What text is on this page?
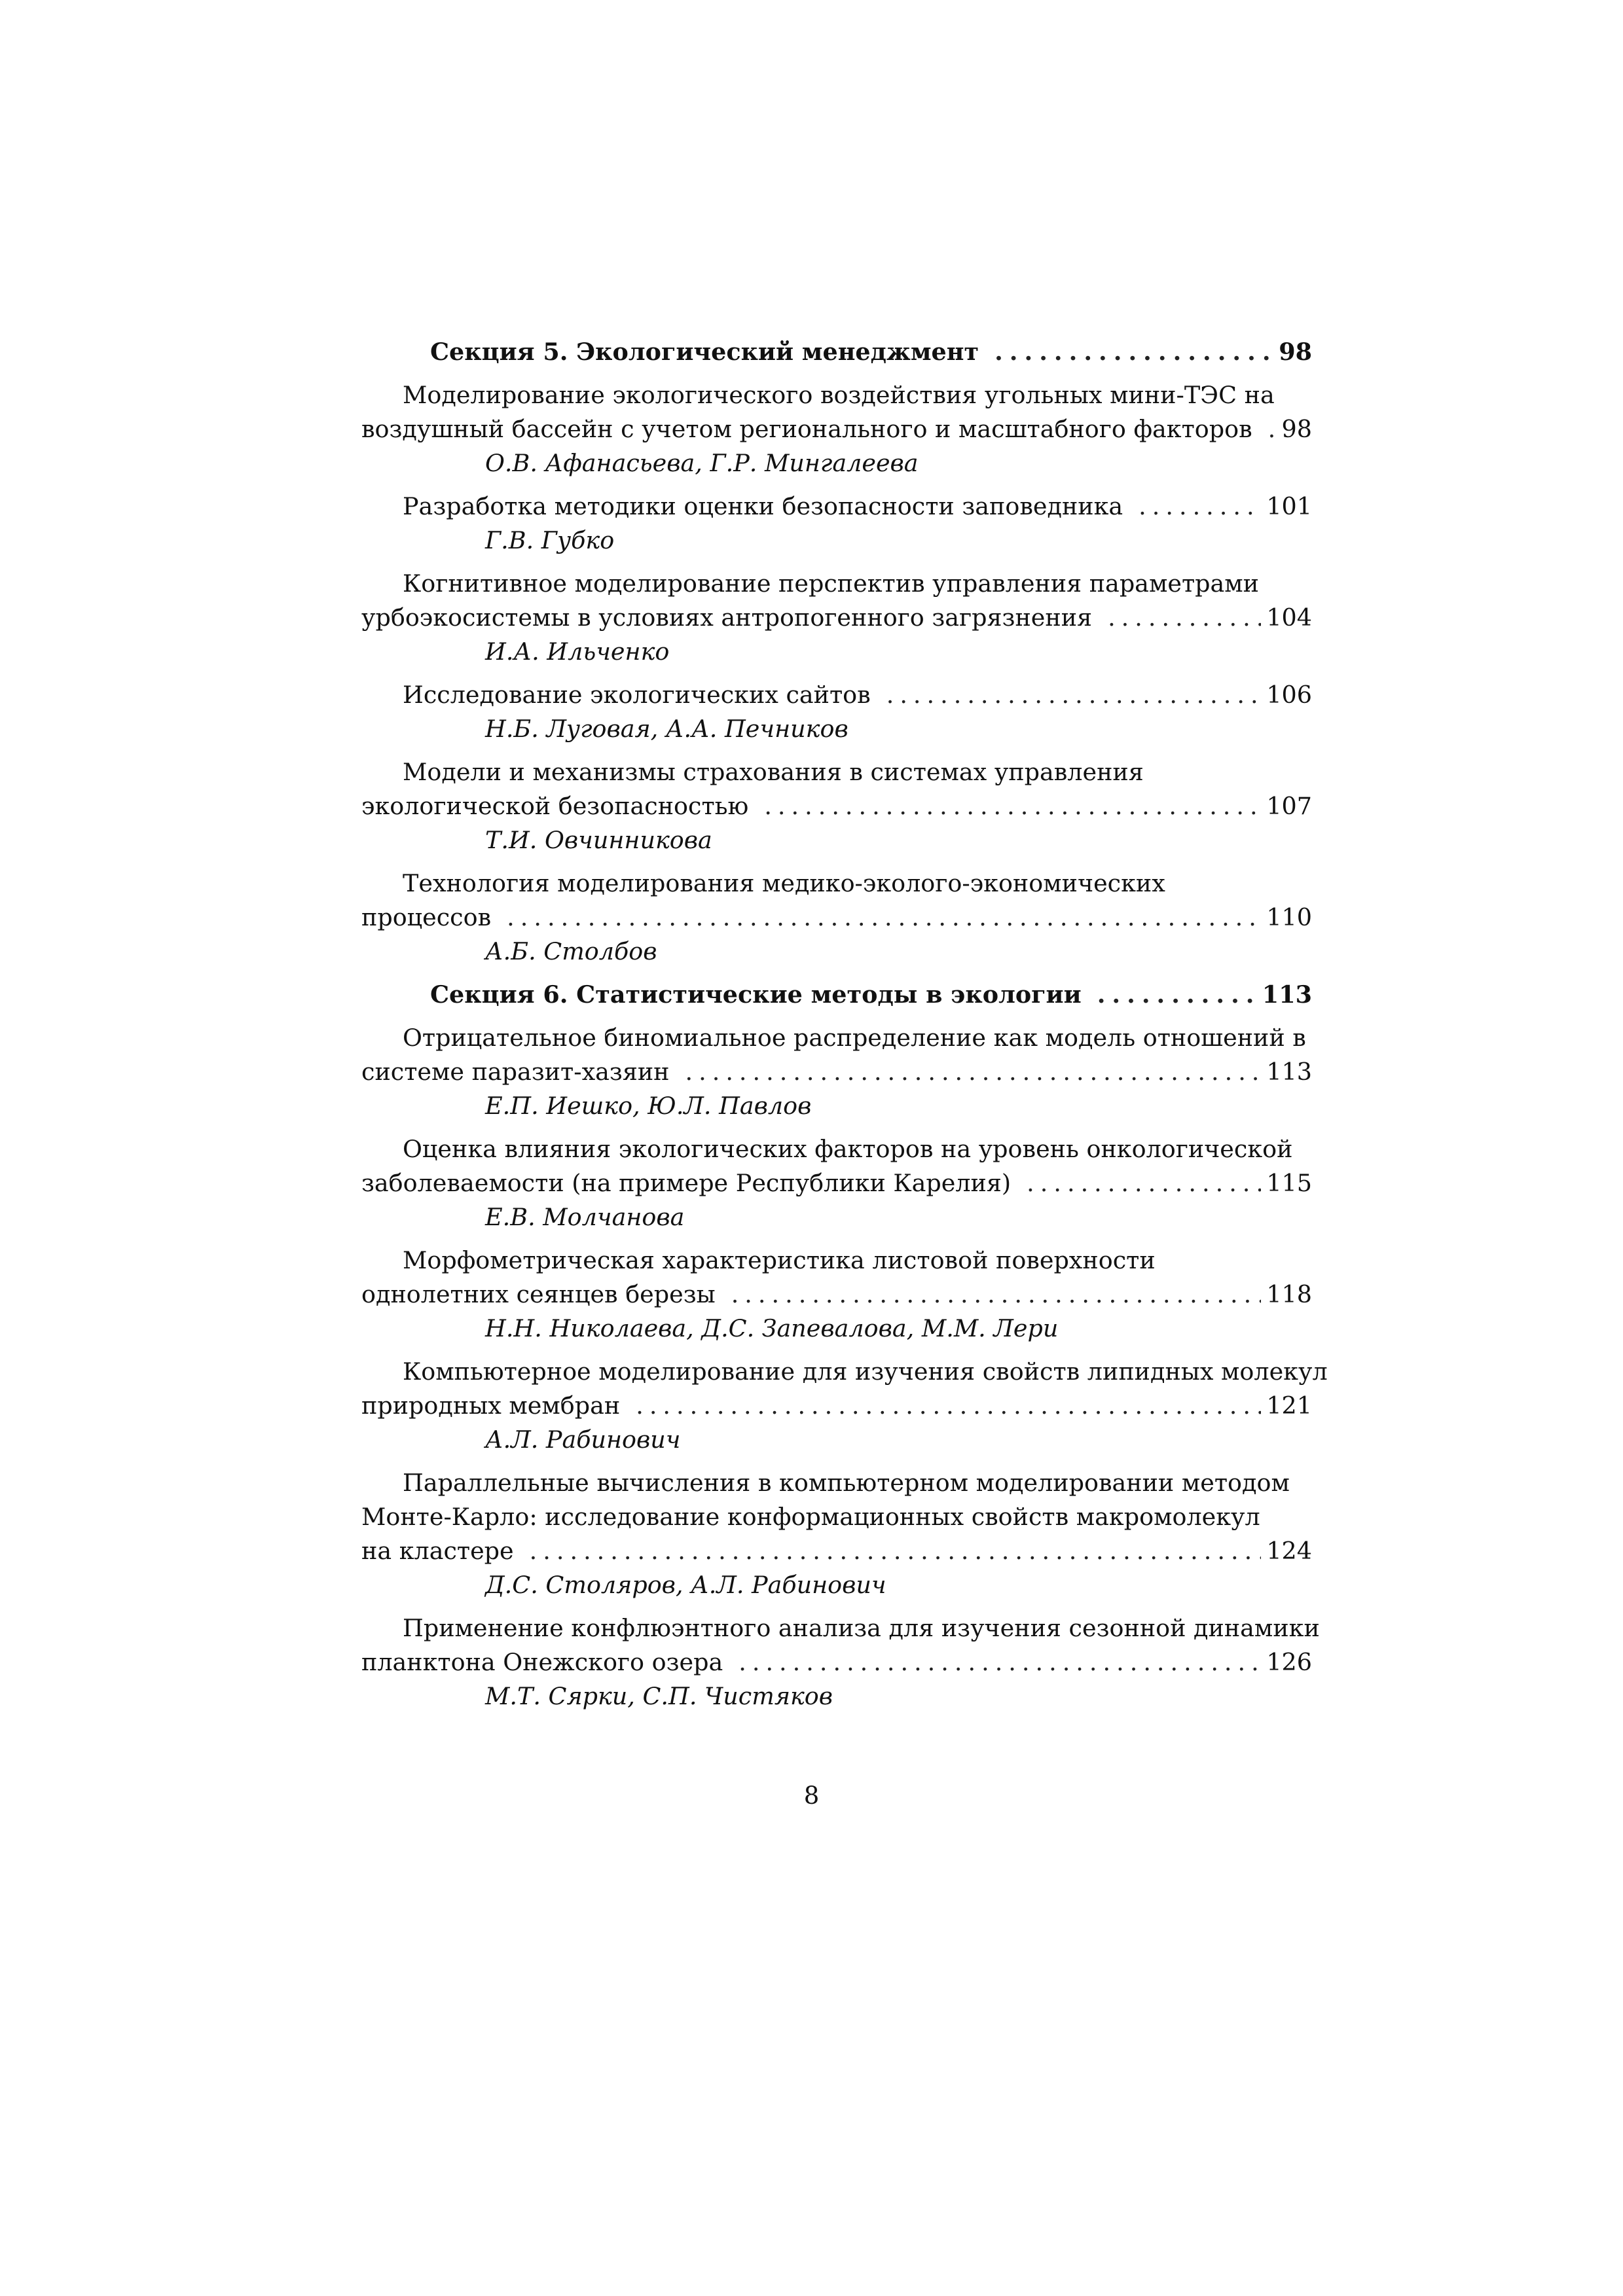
Секция 5. Экологический менеджмент .....	98
Моделирование экологического воздействия угольных мини-ТЭС на
воздушный бассейн с учетом регионального и масштабного факторов ..... 98
О.В. Афанасьева, Г.Р. Мингалеева
Разработка методики оценки безопасности заповедника .....	101
Г.В. Губко
Когнитивное моделирование перспектив управления параметрами
урбоэкосистемы в условиях антропогенного загрязнения .....	104
И.А. Ильченко
Исследование экологических сайтов .....	106
Н.Б. Луговая, А.А. Печников
Модели и механизмы страхования в системах управления
экологической безопасностью .....	107
Т.И. Овчинникова
Технология моделирования медико-эколого-экономических
процессов .....	110
А.Б. Столбов
Секция 6. Статистические методы в экологии .....	113
Отрицательное биномиальное распределение как модель отношений в
системе паразит-хазяин .....	113
Е.П. Иешко, Ю.Л. Павлов
Оценка влияния экологических факторов на уровень онкологической
заболеваемости (на примере Республики Карелия) .....	115
Е.В. Молчанова
Морфометрическая характеристика листовой поверхности
однолетних сеянцев березы .....	118
Н.Н. Николаева, Д.С. Запевалова, М.М. Лери
Компьютерное моделирование для изучения свойств липидных молекул
природных мембран .....	121
А.Л. Рабинович
Параллельные вычисления в компьютерном моделировании методом
Монте-Карло: исследование конформационных свойств макромолекул
на кластере .....	124
Д.С. Столяров, А.Л. Рабинович
Применение конфлюэнтного анализа для изучения сезонной динамики
планктона Онежского озера .....	126
М.Т. Сярки, С.П. Чистяков
8
